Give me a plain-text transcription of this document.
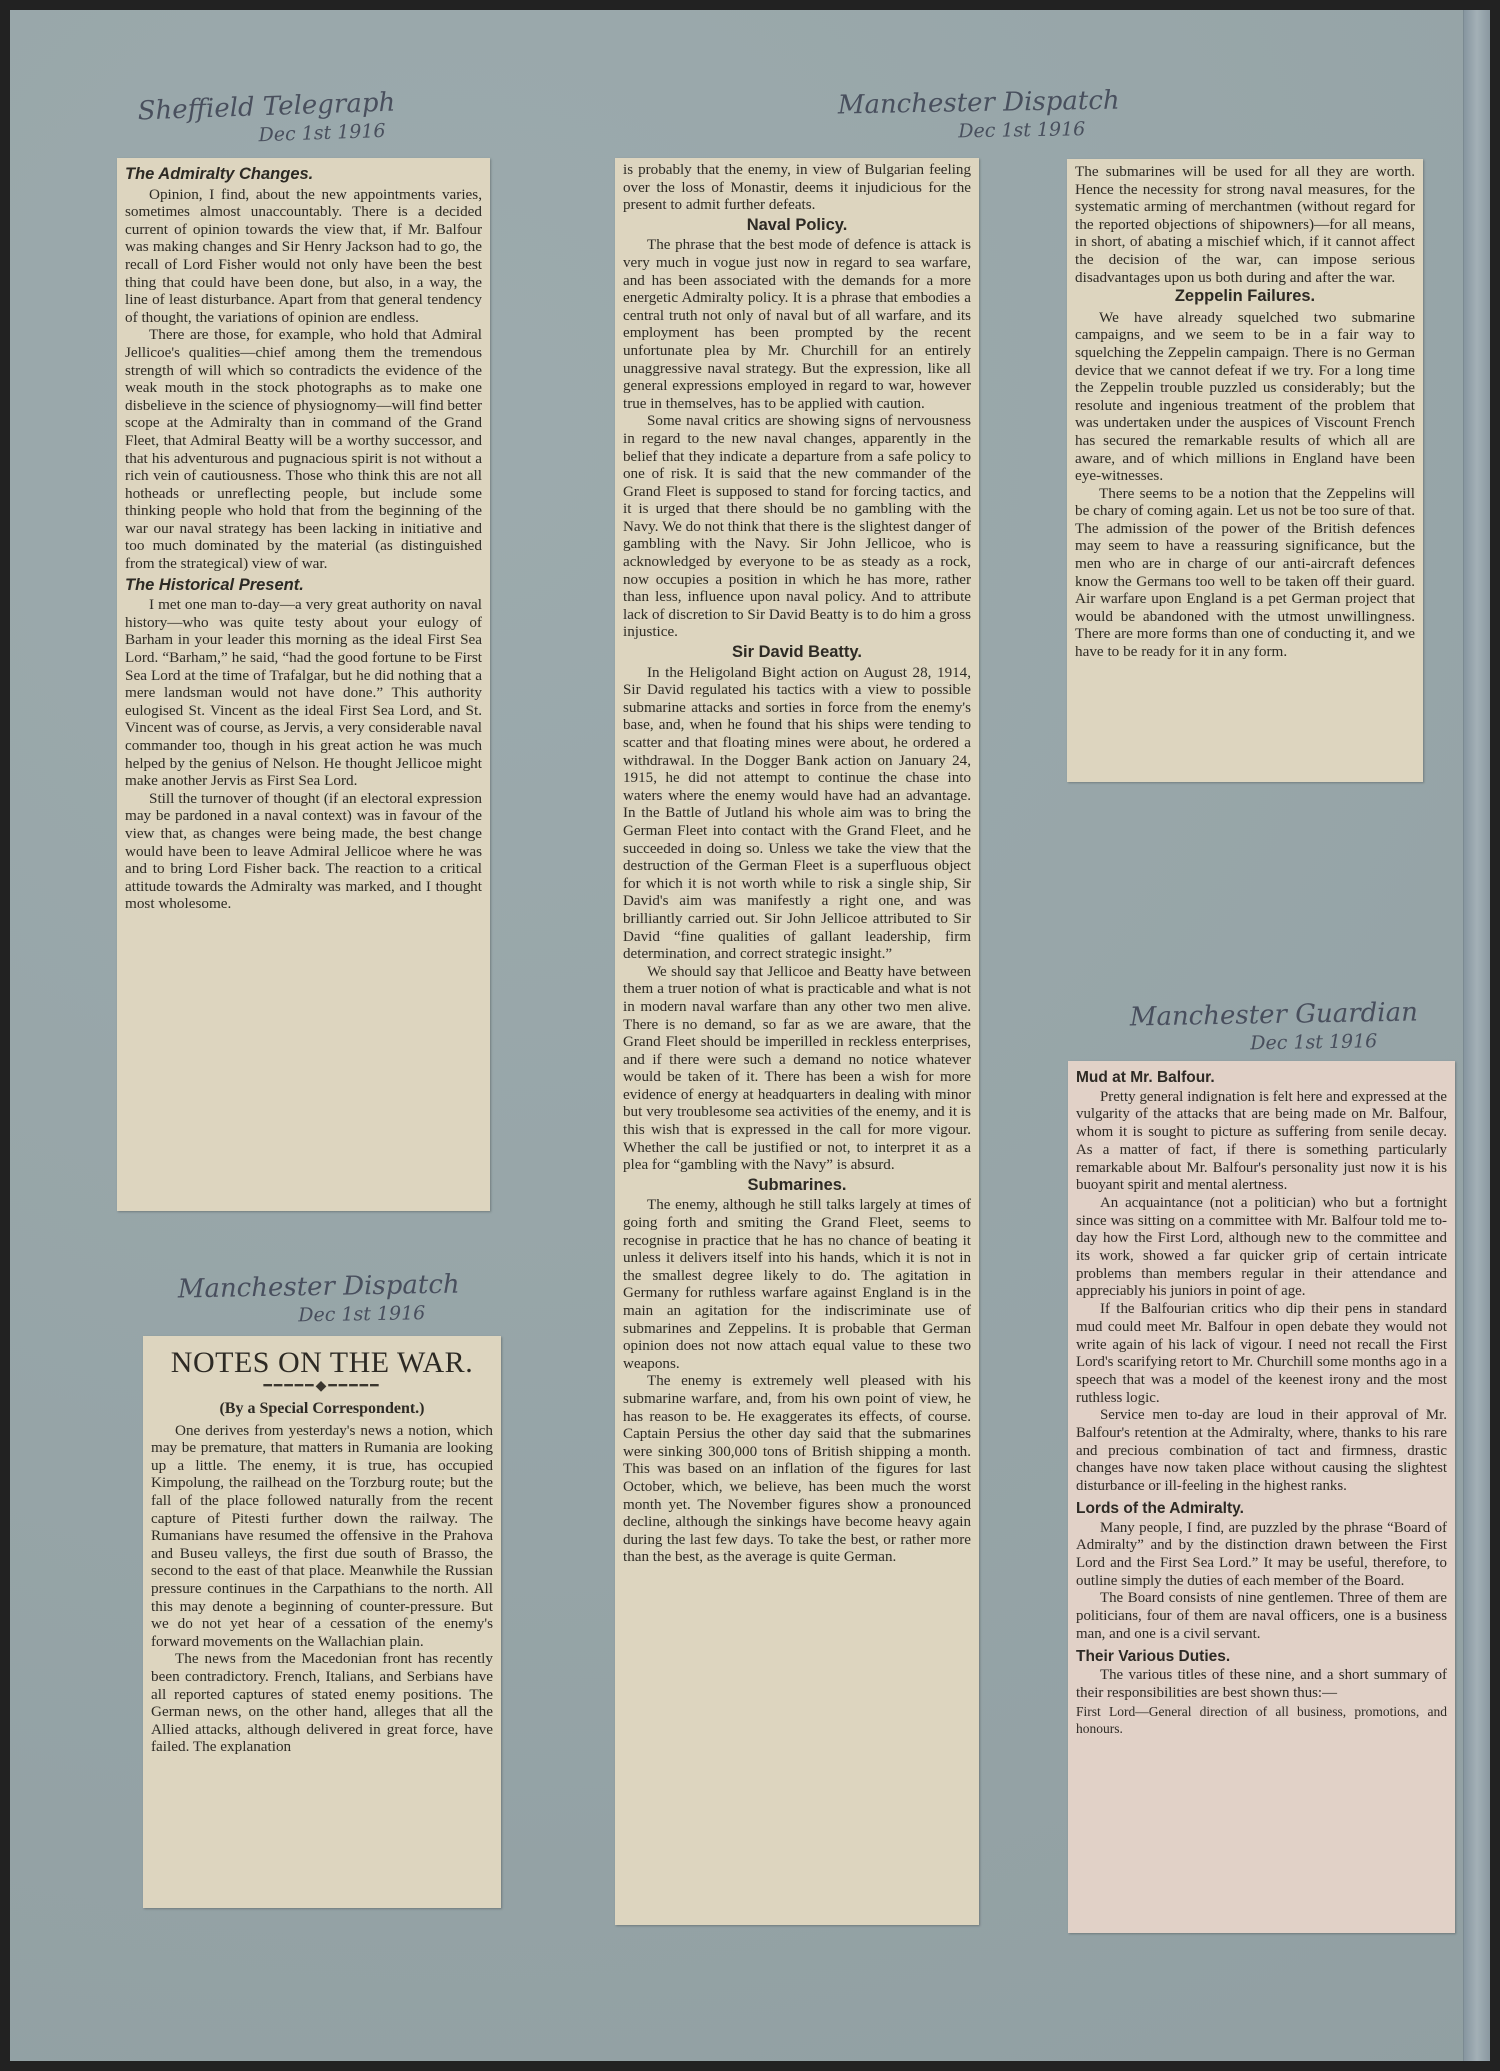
Sheffield Telegraph
Dec 1st 1916
Manchester Dispatch
Dec 1st 1916
Manchester Dispatch
Dec 1st 1916
Manchester Guardian
Dec 1st 1916
The Admiralty Changes.

Opinion, I find, about the new appointments varies, sometimes almost unaccountably. There is a decided current of opinion towards the view that, if Mr. Balfour was making changes and Sir Henry Jackson had to go, the recall of Lord Fisher would not only have been the best thing that could have been done, but also, in a way, the line of least disturbance. Apart from that general tendency of thought, the variations of opinion are endless.

There are those, for example, who hold that Admiral Jellicoe's qualities—chief among them the tremendous strength of will which so contradicts the evidence of the weak mouth in the stock photographs as to make one disbelieve in the science of physiognomy—will find better scope at the Admiralty than in command of the Grand Fleet, that Admiral Beatty will be a worthy successor, and that his adventurous and pugnacious spirit is not without a rich vein of cautiousness. Those who think this are not all hotheads or unreflecting people, but include some thinking people who hold that from the beginning of the war our naval strategy has been lacking in initiative and too much dominated by the material (as distinguished from the strategical) view of war.

The Historical Present.

I met one man to-day—a very great authority on naval history—who was quite testy about your eulogy of Barham in your leader this morning as the ideal First Sea Lord. “Barham,” he said, “had the good fortune to be First Sea Lord at the time of Trafalgar, but he did nothing that a mere landsman would not have done.” This authority eulogised St. Vincent as the ideal First Sea Lord, and St. Vincent was of course, as Jervis, a very considerable naval commander too, though in his great action he was much helped by the genius of Nelson. He thought Jellicoe might make another Jervis as First Sea Lord.

Still the turnover of thought (if an electoral expression may be pardoned in a naval context) was in favour of the view that, as changes were being made, the best change would have been to leave Admiral Jellicoe where he was and to bring Lord Fisher back. The reaction to a critical attitude towards the Admiralty was marked, and I thought most wholesome.

NOTES ON THE WAR.
━━━━━◆━━━━━
(By a Special Correspondent.)

One derives from yesterday's news a notion, which may be premature, that matters in Rumania are looking up a little. The enemy, it is true, has occupied Kimpolung, the railhead on the Torzburg route; but the fall of the place followed naturally from the recent capture of Pitesti further down the railway. The Rumanians have resumed the offensive in the Prahova and Buseu valleys, the first due south of Brasso, the second to the east of that place. Meanwhile the Russian pressure continues in the Carpathians to the north. All this may denote a beginning of counter-pressure. But we do not yet hear of a cessation of the enemy's forward movements on the Wallachian plain.

The news from the Macedonian front has recently been contradictory. French, Italians, and Serbians have all reported captures of stated enemy positions. The German news, on the other hand, alleges that all the Allied attacks, although delivered in great force, have failed. The explanation

is probably that the enemy, in view of Bulgarian feeling over the loss of Monastir, deems it injudicious for the present to admit further defeats.

Naval Policy.

The phrase that the best mode of defence is attack is very much in vogue just now in regard to sea warfare, and has been associated with the demands for a more energetic Admiralty policy. It is a phrase that embodies a central truth not only of naval but of all warfare, and its employment has been prompted by the recent unfortunate plea by Mr. Churchill for an entirely unaggressive naval strategy. But the expression, like all general expressions employed in regard to war, however true in themselves, has to be applied with caution.

Some naval critics are showing signs of nervousness in regard to the new naval changes, apparently in the belief that they indicate a departure from a safe policy to one of risk. It is said that the new commander of the Grand Fleet is supposed to stand for forcing tactics, and it is urged that there should be no gambling with the Navy. We do not think that there is the slightest danger of gambling with the Navy. Sir John Jellicoe, who is acknowledged by everyone to be as steady as a rock, now occupies a position in which he has more, rather than less, influence upon naval policy. And to attribute lack of discretion to Sir David Beatty is to do him a gross injustice.

Sir David Beatty.

In the Heligoland Bight action on August 28, 1914, Sir David regulated his tactics with a view to possible submarine attacks and sorties in force from the enemy's base, and, when he found that his ships were tending to scatter and that floating mines were about, he ordered a withdrawal. In the Dogger Bank action on January 24, 1915, he did not attempt to continue the chase into waters where the enemy would have had an advantage. In the Battle of Jutland his whole aim was to bring the German Fleet into contact with the Grand Fleet, and he succeeded in doing so. Unless we take the view that the destruction of the German Fleet is a superfluous object for which it is not worth while to risk a single ship, Sir David's aim was manifestly a right one, and was brilliantly carried out. Sir John Jellicoe attributed to Sir David “fine qualities of gallant leadership, firm determination, and correct strategic insight.”

We should say that Jellicoe and Beatty have between them a truer notion of what is practicable and what is not in modern naval warfare than any other two men alive. There is no demand, so far as we are aware, that the Grand Fleet should be imperilled in reckless enterprises, and if there were such a demand no notice whatever would be taken of it. There has been a wish for more evidence of energy at headquarters in dealing with minor but very troublesome sea activities of the enemy, and it is this wish that is expressed in the call for more vigour. Whether the call be justified or not, to interpret it as a plea for “gambling with the Navy” is absurd.

Submarines.

The enemy, although he still talks largely at times of going forth and smiting the Grand Fleet, seems to recognise in practice that he has no chance of beating it unless it delivers itself into his hands, which it is not in the smallest degree likely to do. The agitation in Germany for ruthless warfare against England is in the main an agitation for the indiscriminate use of submarines and Zeppelins. It is probable that German opinion does not now attach equal value to these two weapons.

The enemy is extremely well pleased with his submarine warfare, and, from his own point of view, he has reason to be. He exaggerates its effects, of course. Captain Persius the other day said that the submarines were sinking 300,000 tons of British shipping a month. This was based on an inflation of the figures for last October, which, we believe, has been much the worst month yet. The November figures show a pronounced decline, although the sinkings have become heavy again during the last few days. To take the best, or rather more than the best, as the average is quite German.

The submarines will be used for all they are worth. Hence the necessity for strong naval measures, for the systematic arming of merchantmen (without regard for the reported objections of shipowners)—for all means, in short, of abating a mischief which, if it cannot affect the decision of the war, can impose serious disadvantages upon us both during and after the war.

Zeppelin Failures.

We have already squelched two submarine campaigns, and we seem to be in a fair way to squelching the Zeppelin campaign. There is no German device that we cannot defeat if we try. For a long time the Zeppelin trouble puzzled us considerably; but the resolute and ingenious treatment of the problem that was undertaken under the auspices of Viscount French has secured the remarkable results of which all are aware, and of which millions in England have been eye-witnesses.

There seems to be a notion that the Zeppelins will be chary of coming again. Let us not be too sure of that. The admission of the power of the British defences may seem to have a reassuring significance, but the men who are in charge of our anti-aircraft defences know the Germans too well to be taken off their guard. Air warfare upon England is a pet German project that would be abandoned with the utmost unwillingness. There are more forms than one of conducting it, and we have to be ready for it in any form.

Mud at Mr. Balfour.

Pretty general indignation is felt here and expressed at the vulgarity of the attacks that are being made on Mr. Balfour, whom it is sought to picture as suffering from senile decay. As a matter of fact, if there is something particularly remarkable about Mr. Balfour's personality just now it is his buoyant spirit and mental alertness.

An acquaintance (not a politician) who but a fortnight since was sitting on a committee with Mr. Balfour told me to-day how the First Lord, although new to the committee and its work, showed a far quicker grip of certain intricate problems than members regular in their attendance and appreciably his juniors in point of age.

If the Balfourian critics who dip their pens in standard mud could meet Mr. Balfour in open debate they would not write again of his lack of vigour. I need not recall the First Lord's scarifying retort to Mr. Churchill some months ago in a speech that was a model of the keenest irony and the most ruthless logic.

Service men to-day are loud in their approval of Mr. Balfour's retention at the Admiralty, where, thanks to his rare and precious combination of tact and firmness, drastic changes have now taken place without causing the slightest disturbance or ill-feeling in the highest ranks.

Lords of the Admiralty.

Many people, I find, are puzzled by the phrase “Board of Admiralty” and by the distinction drawn between the First Lord and the First Sea Lord.” It may be useful, therefore, to outline simply the duties of each member of the Board.

The Board consists of nine gentlemen. Three of them are politicians, four of them are naval officers, one is a business man, and one is a civil servant.

Their Various Duties.

The various titles of these nine, and a short summary of their responsibilities are best shown thus:—

First Lord—General direction of all business, promotions, and honours.
